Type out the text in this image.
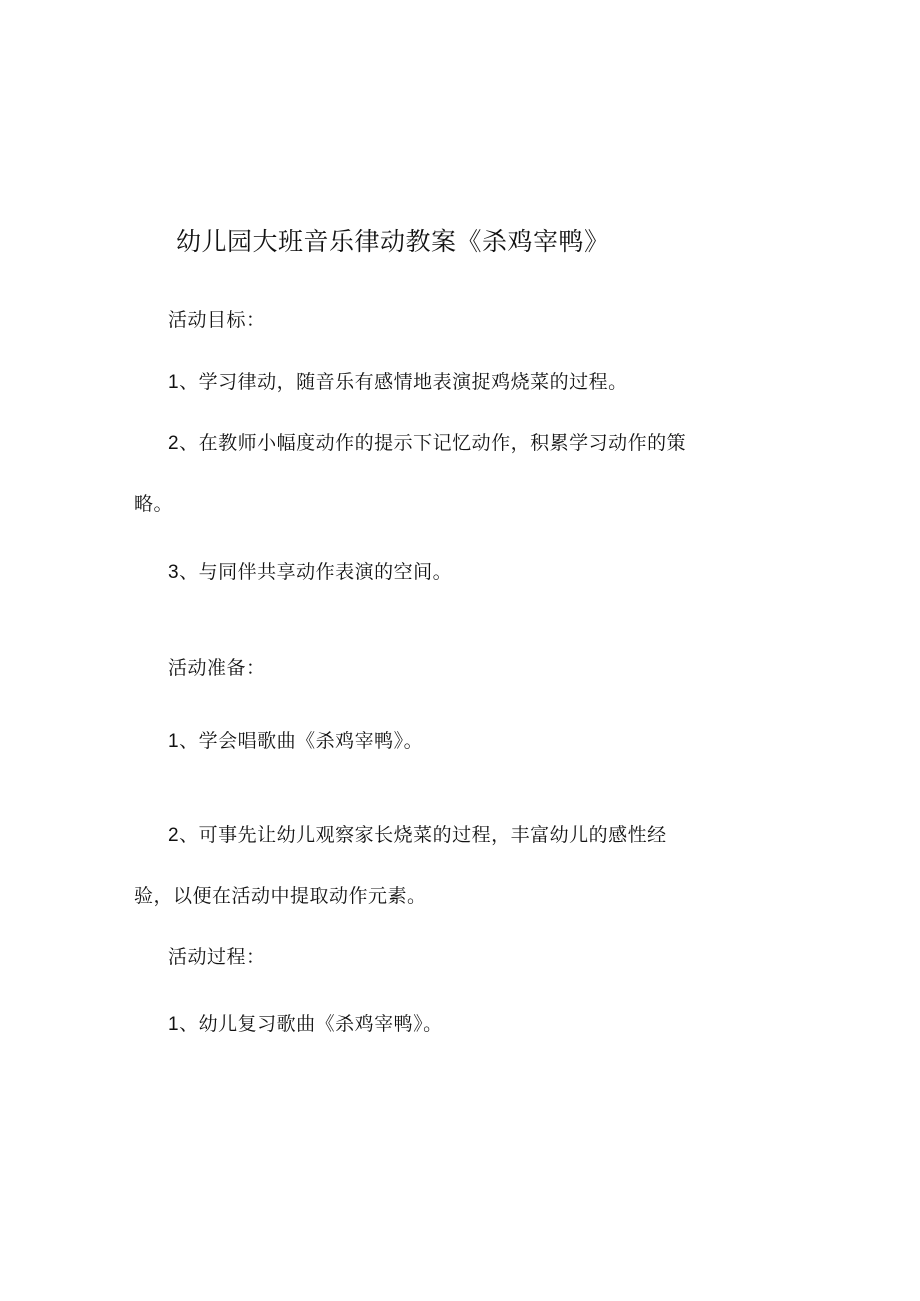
幼儿园大班音乐律动教案《杀鸡宰鸭》
活动目标：
1、学习律动，随音乐有感情地表演捉鸡烧菜的过程。
2、在教师小幅度动作的提示下记忆动作，积累学习动作的策
略。
3、与同伴共享动作表演的空间。
活动准备：
1、学会唱歌曲《杀鸡宰鸭》。
2、可事先让幼儿观察家长烧菜的过程，丰富幼儿的感性经
验，以便在活动中提取动作元素。
活动过程：
1、幼儿复习歌曲《杀鸡宰鸭》。
